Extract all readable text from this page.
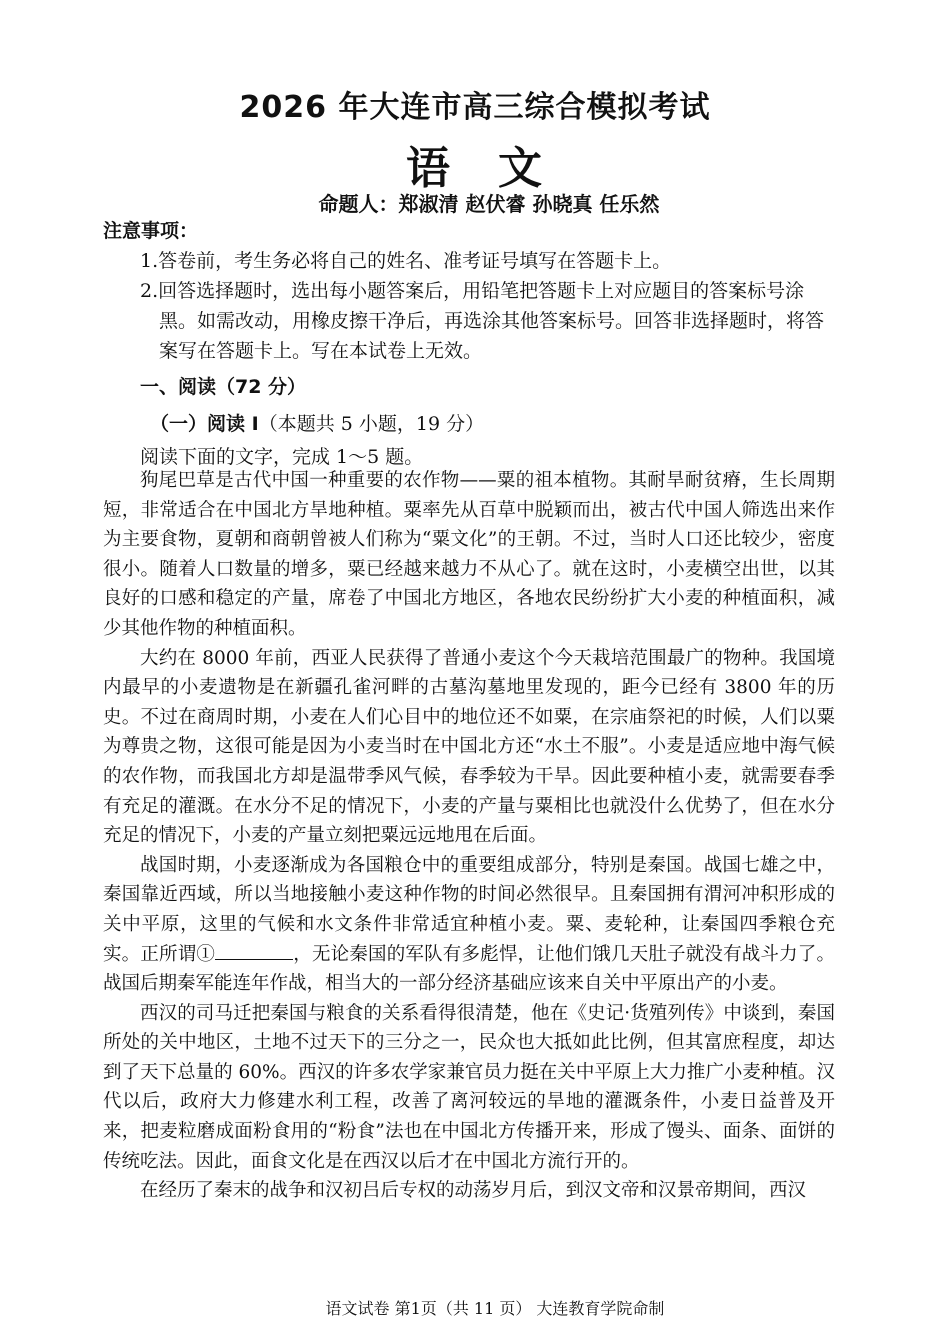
2026 年大连市高三综合模拟考试
语　文
命题人：郑淑清 赵伏睿 孙晓真 任乐然
注意事项：

1.答卷前，考生务必将自己的姓名、准考证号填写在答题卡上。

2.回答选择题时，选出每小题答案后，用铅笔把答题卡上对应题目的答案标号涂黑。如需改动，用橡皮擦干净后，再选涂其他答案标号。回答非选择题时，将答案写在答题卡上。写在本试卷上无效。

一、阅读（72 分）
（一）阅读 I（本题共 5 小题，19 分）
阅读下面的文字，完成 1～5 题。

狗尾巴草是古代中国一种重要的农作物——粟的祖本植物。其耐旱耐贫瘠，生长周期短，非常适合在中国北方旱地种植。粟率先从百草中脱颖而出，被古代中国人筛选出来作为主要食物，夏朝和商朝曾被人们称为“粟文化”的王朝。不过，当时人口还比较少，密度很小。随着人口数量的增多，粟已经越来越力不从心了。就在这时，小麦横空出世，以其良好的口感和稳定的产量，席卷了中国北方地区，各地农民纷纷扩大小麦的种植面积，减少其他作物的种植面积。

大约在 8000 年前，西亚人民获得了普通小麦这个今天栽培范围最广的物种。我国境内最早的小麦遗物是在新疆孔雀河畔的古墓沟墓地里发现的，距今已经有 3800 年的历史。不过在商周时期，小麦在人们心目中的地位还不如粟，在宗庙祭祀的时候，人们以粟为尊贵之物，这很可能是因为小麦当时在中国北方还“水土不服”。小麦是适应地中海气候的农作物，而我国北方却是温带季风气候，春季较为干旱。因此要种植小麦，就需要春季有充足的灌溉。在水分不足的情况下，小麦的产量与粟相比也就没什么优势了，但在水分充足的情况下，小麦的产量立刻把粟远远地甩在后面。

战国时期，小麦逐渐成为各国粮仓中的重要组成部分，特别是秦国。战国七雄之中，秦国靠近西域，所以当地接触小麦这种作物的时间必然很早。且秦国拥有渭河冲积形成的关中平原，这里的气候和水文条件非常适宜种植小麦。粟、麦轮种，让秦国四季粮仓充实。正所谓①	，无论秦国的军队有多彪悍，让他们饿几天肚子就没有战斗力了。战国后期秦军能连年作战，相当大的一部分经济基础应该来自关中平原出产的小麦。

西汉的司马迁把秦国与粮食的关系看得很清楚，他在《史记·货殖列传》中谈到，秦国所处的关中地区，土地不过天下的三分之一，民众也大抵如此比例，但其富庶程度，却达到了天下总量的 60%。西汉的许多农学家兼官员力挺在关中平原上大力推广小麦种植。汉代以后，政府大力修建水利工程，改善了离河较远的旱地的灌溉条件，小麦日益普及开来，把麦粒磨成面粉食用的“粉食”法也在中国北方传播开来，形成了馒头、面条、面饼的传统吃法。因此，面食文化是在西汉以后才在中国北方流行开的。

在经历了秦末的战争和汉初吕后专权的动荡岁月后，到汉文帝和汉景帝期间，西汉

语文试卷 第1页（共 11 页） 大连教育学院命制
